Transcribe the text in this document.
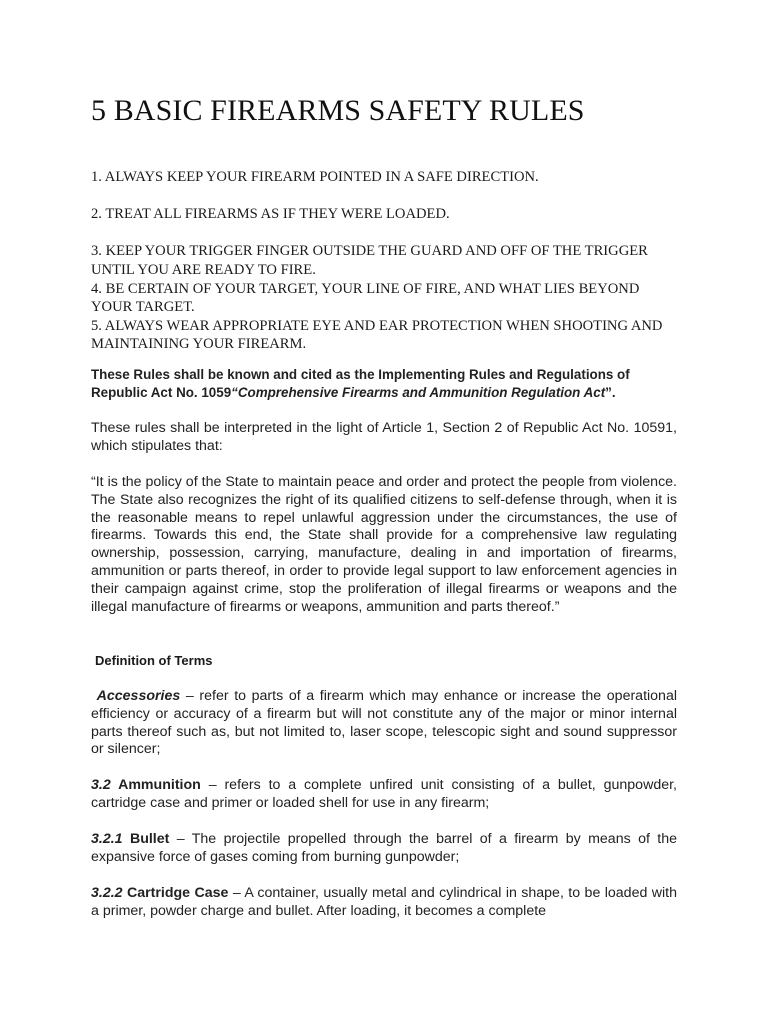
5 BASIC FIREARMS SAFETY RULES

1. ALWAYS KEEP YOUR FIREARM POINTED IN A SAFE DIRECTION.

2. TREAT ALL FIREARMS AS IF THEY WERE LOADED.

3. KEEP YOUR TRIGGER FINGER OUTSIDE THE GUARD AND OFF OF THE TRIGGER UNTIL YOU ARE READY TO FIRE.

4. BE CERTAIN OF YOUR TARGET, YOUR LINE OF FIRE, AND WHAT LIES BEYOND YOUR TARGET.

5. ALWAYS WEAR APPROPRIATE EYE AND EAR PROTECTION WHEN SHOOTING AND MAINTAINING YOUR FIREARM.

These Rules shall be known and cited as the Implementing Rules and Regulations of Republic Act No. 1059“Comprehensive Firearms and Ammunition Regulation Act”.

These rules shall be interpreted in the light of Article 1, Section 2 of Republic Act No. 10591, which stipulates that:

“It is the policy of the State to maintain peace and order and protect the people from violence. The State also recognizes the right of its qualified citizens to self-defense through, when it is the reasonable means to repel unlawful aggression under the circumstances, the use of firearms. Towards this end, the State shall provide for a comprehensive law regulating ownership, possession, carrying, manufacture, dealing in and importation of firearms, ammunition or parts thereof, in order to provide legal support to law enforcement agencies in their campaign against crime, stop the proliferation of illegal firearms or weapons and the illegal manufacture of firearms or weapons, ammunition and parts thereof.”

Definition of Terms

Accessories – refer to parts of a firearm which may enhance or increase the operational efficiency or accuracy of a firearm but will not constitute any of the major or minor internal parts thereof such as, but not limited to, laser scope, telescopic sight and sound suppressor or silencer;

3.2 Ammunition – refers to a complete unfired unit consisting of a bullet, gunpowder, cartridge case and primer or loaded shell for use in any firearm;

3.2.1 Bullet – The projectile propelled through the barrel of a firearm by means of the expansive force of gases coming from burning gunpowder;

3.2.2 Cartridge Case – A container, usually metal and cylindrical in shape, to be loaded with a primer, powder charge and bullet. After loading, it becomes a complete
